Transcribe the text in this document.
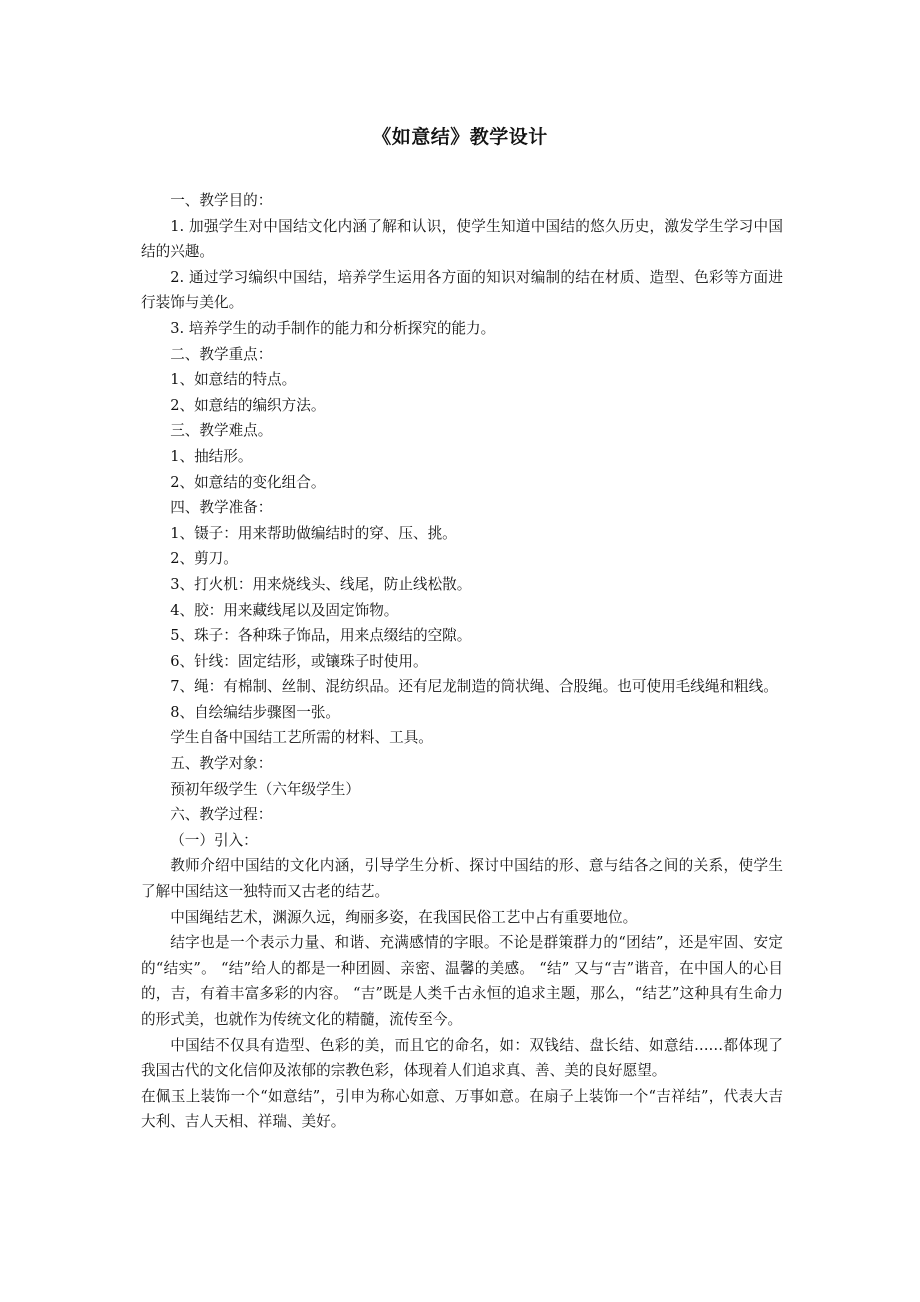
《如意结》教学设计

一、教学目的：

1. 加强学生对中国结文化内涵了解和认识，使学生知道中国结的悠久历史，激发学生学习中国结的兴趣。

2. 通过学习编织中国结，培养学生运用各方面的知识对编制的结在材质、造型、色彩等方面进行装饰与美化。

3. 培养学生的动手制作的能力和分析探究的能力。

二、教学重点：

1、如意结的特点。

2、如意结的编织方法。

三、教学难点。

1、抽结形。

2、如意结的变化组合。

四、教学准备：

1、镊子：用来帮助做编结时的穿、压、挑。

2、剪刀。

3、打火机：用来烧线头、线尾，防止线松散。

4、胶：用来藏线尾以及固定饰物。

5、珠子：各种珠子饰品，用来点缀结的空隙。

6、针线：固定结形，或镶珠子时使用。

7、绳：有棉制、丝制、混纺织品。还有尼龙制造的筒状绳、合股绳。也可使用毛线绳和粗线。

8、自绘编结步骤图一张。

学生自备中国结工艺所需的材料、工具。

五、教学对象：

预初年级学生（六年级学生）

六、教学过程：

（一）引入：

教师介绍中国结的文化内涵，引导学生分析、探讨中国结的形、意与结各之间的关系，使学生了解中国结这一独特而又古老的结艺。

中国绳结艺术，渊源久远，绚丽多姿，在我国民俗工艺中占有重要地位。

结字也是一个表示力量、和谐、充满感情的字眼。不论是群策群力的“团结”，还是牢固、安定的“结实”。 “结”给人的都是一种团圆、亲密、温馨的美感。 “结” 又与“吉”谐音，在中国人的心目的，吉，有着丰富多彩的内容。 “吉”既是人类千古永恒的追求主题，那么，“结艺”这种具有生命力的形式美，也就作为传统文化的精髓，流传至今。

中国结不仅具有造型、色彩的美，而且它的命名，如：双钱结、盘长结、如意结……都体现了我国古代的文化信仰及浓郁的宗教色彩，体现着人们追求真、善、美的良好愿望。

在佩玉上装饰一个“如意结”，引申为称心如意、万事如意。在扇子上装饰一个“吉祥结”，代表大吉大利、吉人天相、祥瑞、美好。
